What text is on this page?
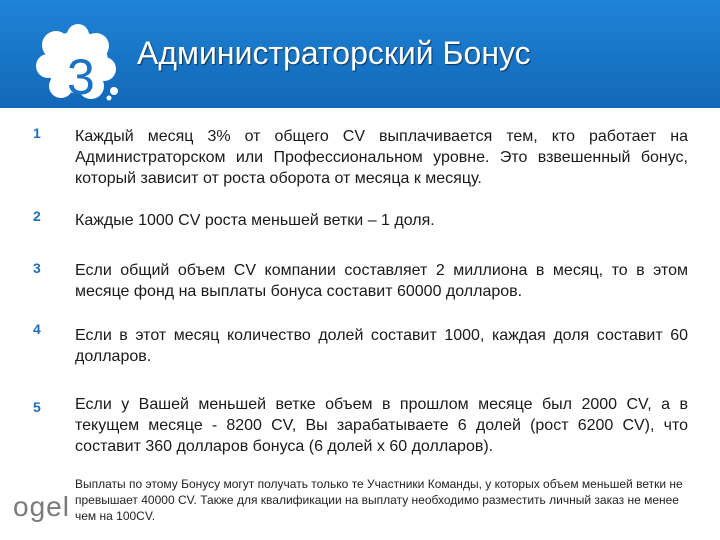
3 Администраторский Бонус
1 Каждый месяц 3% от общего CV выплачивается тем, кто работает на Администраторском или Профессиональном уровне. Это взвешенный бонус, который зависит от роста оборота от месяца к месяцу.
2 Каждые 1000 CV роста меньшей ветки – 1 доля.
3 Если общий объем CV компании составляет 2 миллиона в месяц, то в этом месяце фонд на выплаты бонуса составит 60000 долларов.
4 Если в этот месяц количество долей составит 1000, каждая доля составит 60 долларов.
5 Если у Вашей меньшей ветке объем в прошлом месяце был 2000 CV, а в текущем месяце - 8200 CV, Вы зарабатываете 6 долей (рост 6200 CV), что составит 360 долларов бонуса (6 долей х 60 долларов).
Выплаты по этому Бонусу могут получать только те Участники Команды, у которых объем меньшей ветки не превышает 40000 CV. Также для квалификации на выплату необходимо разместить личный заказ не менее чем на 100CV.
ogel
